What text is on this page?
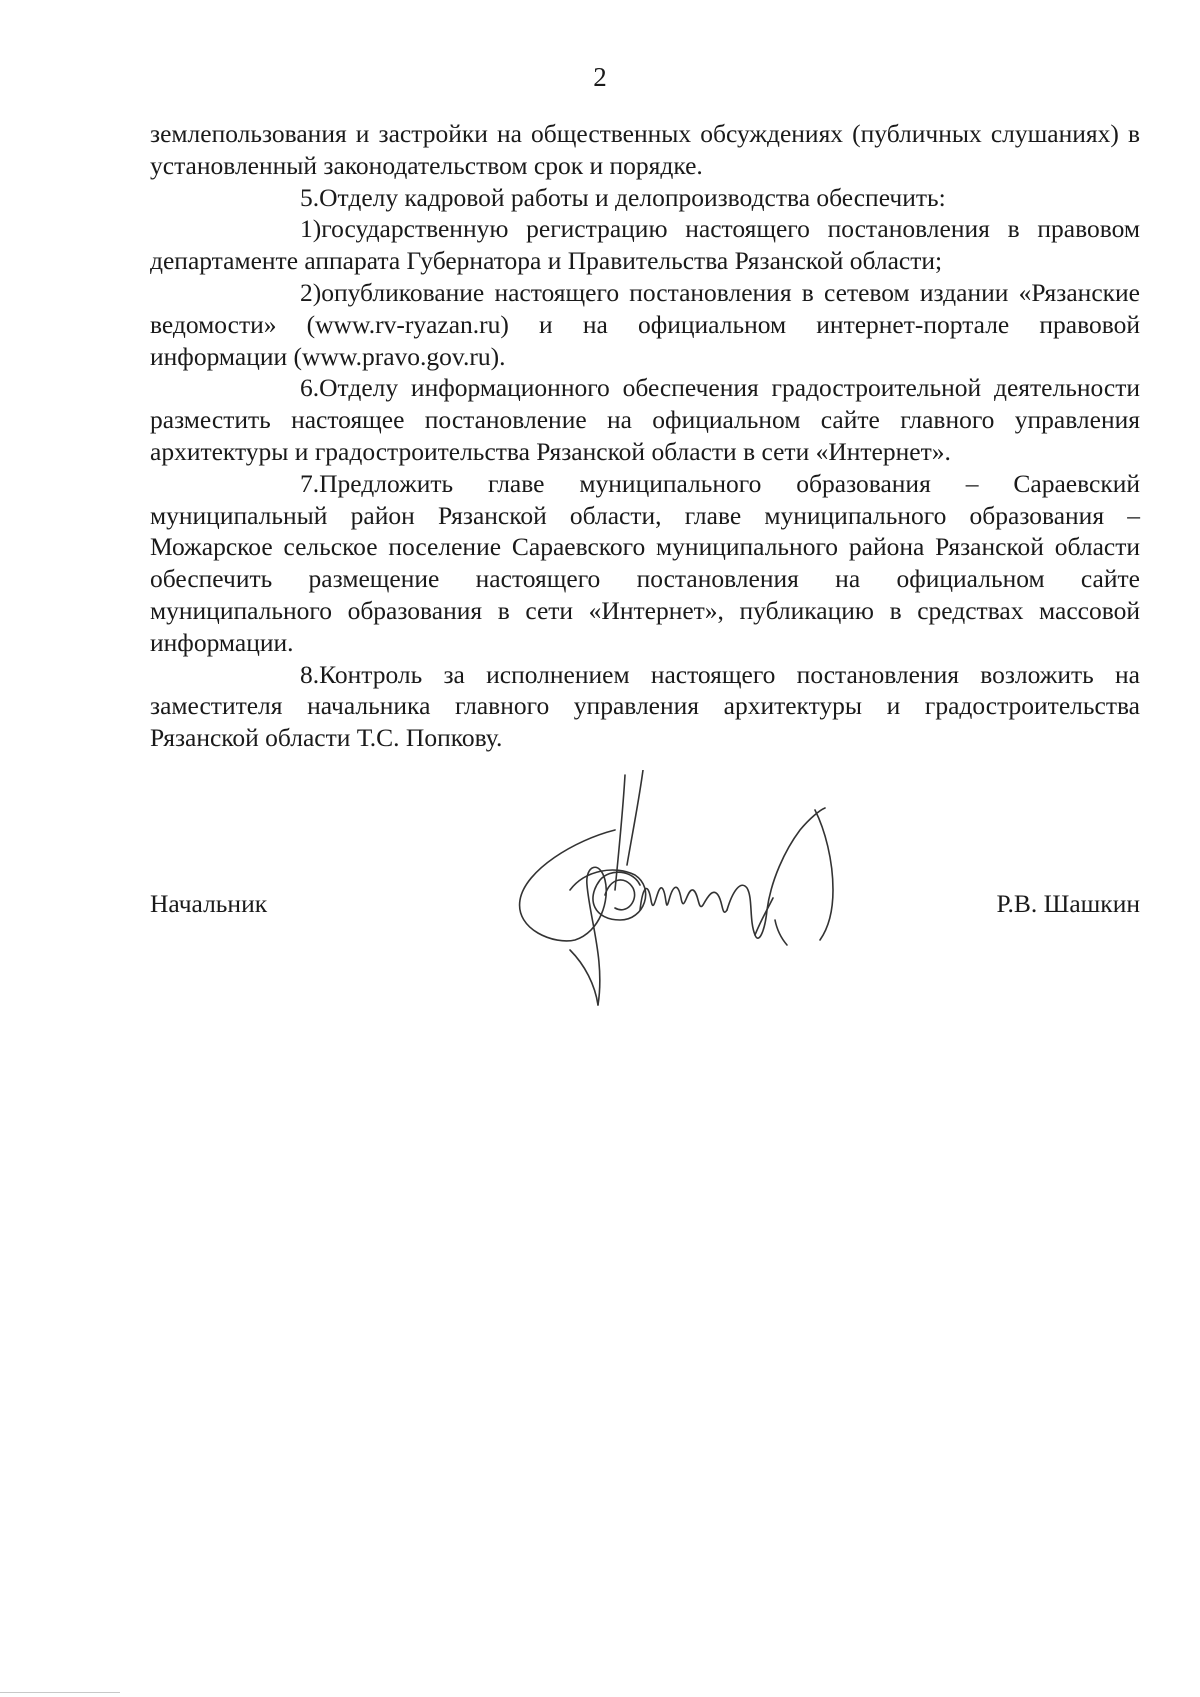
2

землепользования и застройки на общественных обсуждениях (публичных слушаниях) в установленный законодательством срок и порядке.

5.Отделу кадровой работы и делопроизводства обеспечить:

1)государственную регистрацию настоящего постановления в правовом департаменте аппарата Губернатора и Правительства Рязанской области;

2)опубликование настоящего постановления в сетевом издании «Рязанские ведомости» (www.rv-ryazan.ru) и на официальном интернет-портале правовой информации (www.pravo.gov.ru).

6.Отделу информационного обеспечения градостроительной деятельности разместить настоящее постановление на официальном сайте главного управления архитектуры и градостроительства Рязанской области в сети «Интернет».

7.Предложить главе муниципального образования – Сараевский муниципальный район Рязанской области, главе муниципального образования – Можарское сельское поселение Сараевского муниципального района Рязанской области обеспечить размещение настоящего постановления на официальном сайте муниципального образования в сети «Интернет», публикацию в средствах массовой информации.

8.Контроль за исполнением настоящего постановления возложить на заместителя начальника главного управления архитектуры и градостроительства Рязанской области Т.С. Попкову.

Начальник	Р.В. Шашкин
